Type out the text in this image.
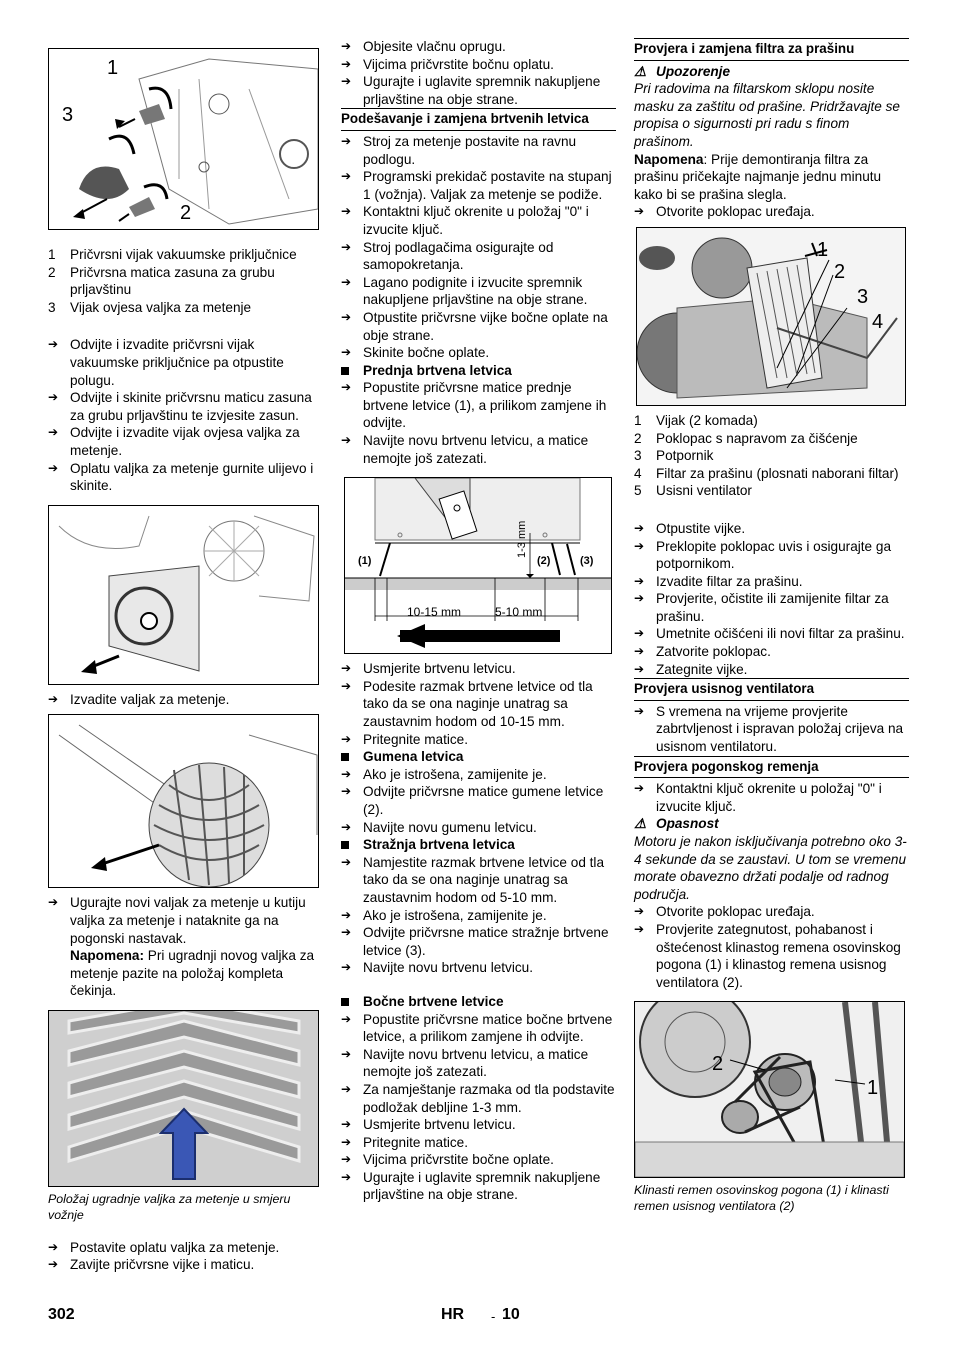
1
3
2
1	Pričvrsni vijak vakuumske priključnice
2	Pričvrsna matica zasuna za grubu prljavštinu
3	Vijak ovjesa valjka za metenje
➔ Odvijte i izvadite pričvrsni vijak vakuumske priključnice pa otpustite polugu.
➔ Odvijte i skinite pričvrsnu maticu zasuna za grubu prljavštinu te izvjesite zasun.
➔ Odvijte i izvadite vijak ovjesa valjka za metenje.
➔ Oplatu valjka za metenje gurnite ulijevo i skinite.
➔ Izvadite valjak za metenje.
➔ Ugurajte novi valjak za metenje u kutiju valjka za metenje i nataknite ga na pogonski nastavak.
Napomena: Pri ugradnji novog valjka za metenje pazite na položaj kompleta čekinja.
Položaj ugradnje valjka za metenje u smjeru vožnje
➔ Postavite oplatu valjka za metenje.
➔ Zavijte pričvrsne vijke i maticu.
➔ Objesite vlačnu oprugu.
➔ Vijcima pričvrstite bočnu oplatu.
➔ Ugurajte i uglavite spremnik nakupljene prljavštine na obje strane.
Podešavanje i zamjena brtvenih letvica
➔ Stroj za metenje postavite na ravnu podlogu.
➔ Programski prekidač postavite na stupanj 1 (vožnja). Valjak za metenje se podiže.
➔ Kontaktni ključ okrenite u položaj "0" i izvucite ključ.
➔ Stroj podlagačima osigurajte od samopokretanja.
➔ Lagano podignite i izvucite spremnik nakupljene prljavštine na obje strane.
➔ Otpustite pričvrsne vijke bočne oplate na obje strane.
➔ Skinite bočne oplate.
Prednja brtvena letvica
➔ Popustite pričvrsne matice prednje brtvene letvice (1), a prilikom zamjene ih odvijte.
➔ Navijte novu brtvenu letvicu, a matice nemojte još zatezati.
(1)	(2)	(3)
1-3 mm
10-15 mm	5-10 mm
➔ Usmjerite brtvenu letvicu.
➔ Podesite razmak brtvene letvice od tla tako da se ona naginje unatrag sa zaustavnim hodom od 10-15 mm.
➔ Pritegnite matice.
Gumena letvica
➔ Ako je istrošena, zamijenite je.
➔ Odvijte pričvrsne matice gumene letvice (2).
➔ Navijte novu gumenu letvicu.
Stražnja brtvena letvica
➔ Namjestite razmak brtvene letvice od tla tako da se ona naginje unatrag sa zaustavnim hodom od 5-10 mm.
➔ Ako je istrošena, zamijenite je.
➔ Odvijte pričvrsne matice stražnje brtvene letvice (3).
➔ Navijte novu brtvenu letvicu.
Bočne brtvene letvice
➔ Popustite pričvrsne matice bočne brtvene letvice, a prilikom zamjene ih odvijte.
➔ Navijte novu brtvenu letvicu, a matice nemojte još zatezati.
➔ Za namještanje razmaka od tla podstavite podložak debljine 1-3 mm.
➔ Usmjerite brtvenu letvicu.
➔ Pritegnite matice.
➔ Vijcima pričvrstite bočne oplate.
➔ Ugurajte i uglavite spremnik nakupljene prljavštine na obje strane.
Provjera i zamjena filtra za prašinu
⚠ Upozorenje
Pri radovima na filtarskom sklopu nosite masku za zaštitu od prašine. Pridržavajte se propisa o sigurnosti pri radu s finom prašinom.
Napomena: Prije demontiranja filtra za prašinu pričekajte najmanje jednu minutu kako bi se prašina slegla.
➔ Otvorite poklopac uređaja.
1
2
3
4
1	Vijak (2 komada)
2	Poklopac s napravom za čišćenje
3	Potpornik
4	Filtar za prašinu (plosnati naborani filtar)
5	Usisni ventilator
➔ Otpustite vijke.
➔ Preklopite poklopac uvis i osigurajte ga potpornikom.
➔ Izvadite filtar za prašinu.
➔ Provjerite, očistite ili zamijenite filtar za prašinu.
➔ Umetnite očišćeni ili novi filtar za prašinu.
➔ Zatvorite poklopac.
➔ Zategnite vijke.
Provjera usisnog ventilatora
➔ S vremena na vrijeme provjerite zabrtvljenost i ispravan položaj crijeva na usisnom ventilatoru.
Provjera pogonskog remenja
➔ Kontaktni ključ okrenite u položaj "0" i izvucite ključ.
⚠ Opasnost
Motoru je nakon isključivanja potrebno oko 3-4 sekunde da se zaustavi. U tom se vremenu morate obavezno držati podalje od radnog područja.
➔ Otvorite poklopac uređaja.
➔ Provjerite zategnutost, pohabanost i oštećenost klinastog remena osovinskog pogona (1) i klinastog remena usisnog ventilatora (2).
2
1
Klinasti remen osovinskog pogona (1) i klinasti remen usisnog ventilatora (2)
302	HR - 10
